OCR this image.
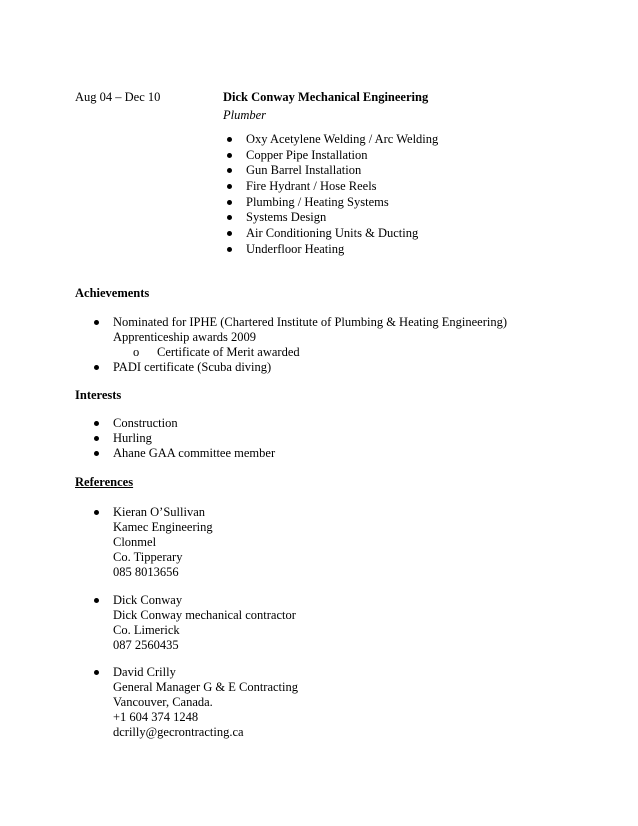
Aug 04 – Dec 10	Dick Conway Mechanical Engineering
Plumber
Oxy Acetylene Welding / Arc Welding
Copper Pipe Installation
Gun Barrel Installation
Fire Hydrant / Hose Reels
Plumbing / Heating Systems
Systems Design
Air Conditioning Units & Ducting
Underfloor Heating
Achievements
Nominated for IPHE (Chartered Institute of Plumbing & Heating Engineering)
Apprenticeship awards 2009
o Certificate of Merit awarded
PADI certificate (Scuba diving)
Interests
Construction
Hurling
Ahane GAA committee member
References
Kieran O’Sullivan
Kamec Engineering
Clonmel
Co. Tipperary
085 8013656
Dick Conway
Dick Conway mechanical contractor
Co. Limerick
087 2560435
David Crilly
General Manager G & E Contracting
Vancouver, Canada.
+1 604 374 1248
dcrilly@gecrontracting.ca
